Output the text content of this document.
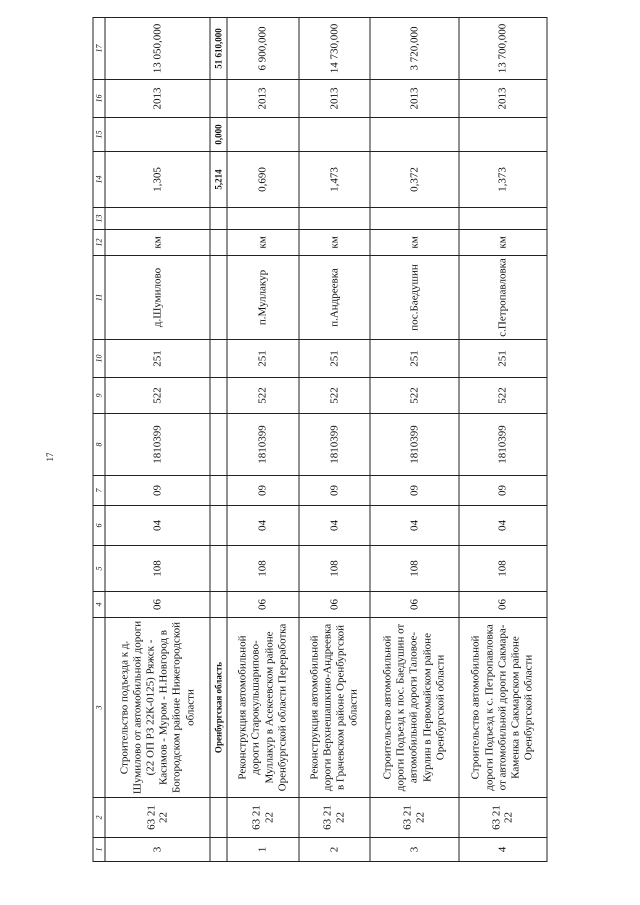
17
1	2	3	4	5	6	7	8	9	10	11	12	13	14	15	16	17
3	63 21 22	Строительство подъезда к д. Шумилово от автомобильной дороги (22 ОП РЗ 22К-0125) Ряжск - Касимов - Муром - Н.Новгород в Богородском районе Нижегородской области	06	108	04	09	1810399	522	251	д.Шумилово	км		1,305		2013	13 050,000
		Оренбургская область											5,214	0,000		51 610,000
1	63 21 22	Реконструкция автомобильной дороги Старокульшарипово-Муллакур в Асекеевском районе Оренбургской области Переработка	06	108	04	09	1810399	522	251	п.Муллакур	км		0,690		2013	6 900,000
2	63 21 22	Реконструкция автомобильной дороги Верхнешашкино-Андреевка в Грачевском районе Оренбургской области	06	108	04	09	1810399	522	251	п.Андреевка	км		1,473		2013	14 730,000
3	63 21 22	Строительство автомобильной дороги Подъезд к пос. Баедушин от автомобильной дороги Таловое-Курлин в Первомайском районе Оренбургской области	06	108	04	09	1810399	522	251	пос.Баедушин	км		0,372		2013	3 720,000
4	63 21 22	Строительство автомобильной дороги Подъезд к с. Петропавловка от автомобильной дороги Сакмара-Каменка в Сакмарском районе Оренбургской области	06	108	04	09	1810399	522	251	с.Петропавловка	км		1,373		2013	13 700,000
